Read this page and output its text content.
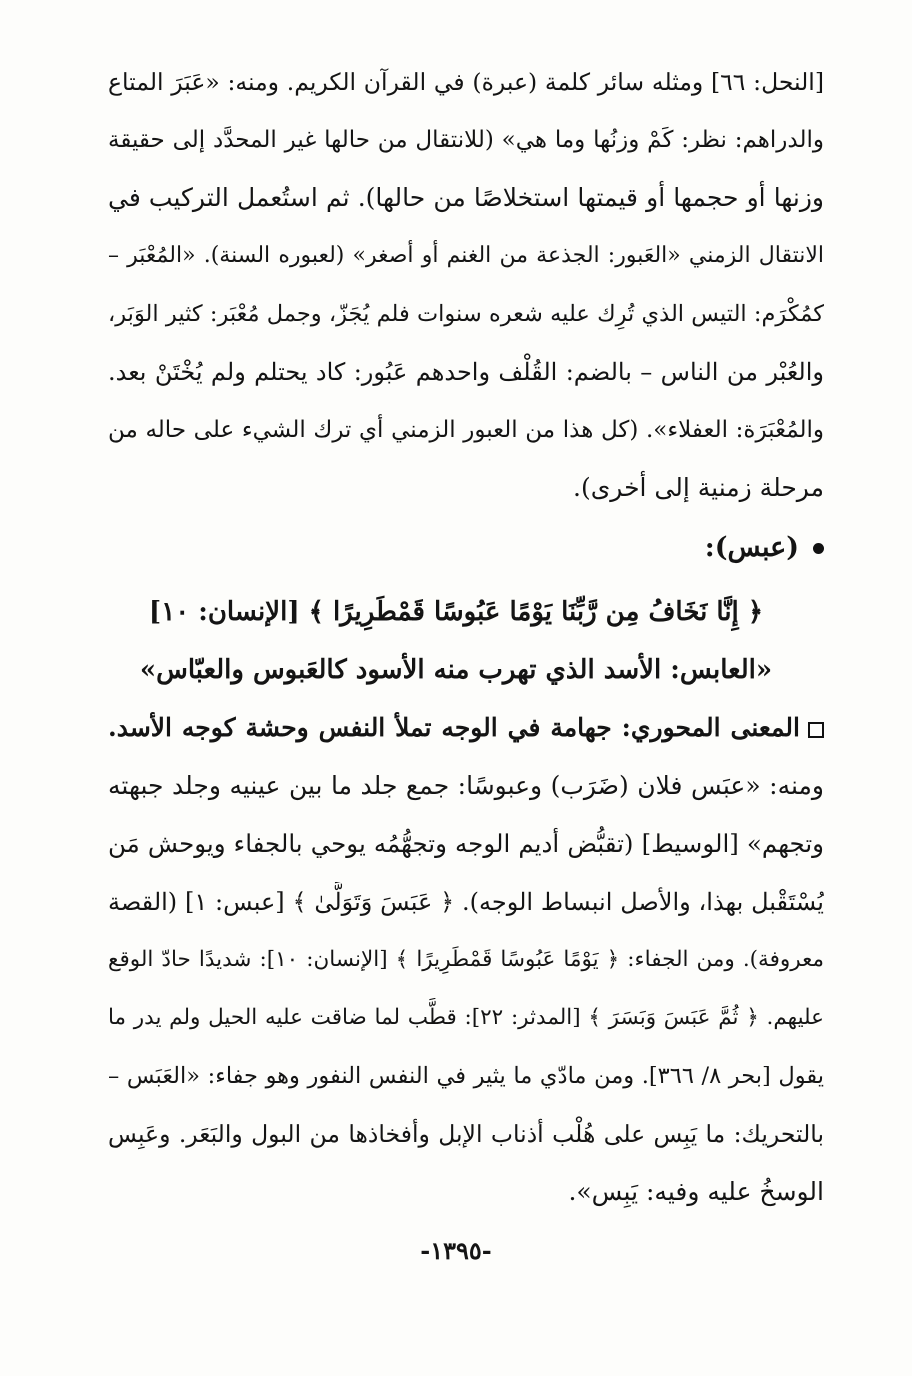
[النحل: ٦٦] ومثله سائر كلمة (عبرة) في القرآن الكريم. ومنه: «عَبَرَ المتاع
والدراهم: نظر: كَمْ وزنُها وما هي» (للانتقال من حالها غير المحدَّد إلى حقيقة
وزنها أو حجمها أو قيمتها استخلاصًا من حالها). ثم استُعمل التركيب في
الانتقال الزمني «العَبور: الجذعة من الغنم أو أصغر» (لعبوره السنة). «المُعْبَر –
كمُكْرَم: التيس الذي تُرِك عليه شعره سنوات فلم يُجَزّ، وجمل مُعْبَر: كثير الوَبَر،
والعُبْر من الناس – بالضم: القُلْف واحدهم عَبُور: كاد يحتلم ولم يُخْتَنْ بعد.
والمُعْبَرَة: العفلاء». (كل هذا من العبور الزمني أي ترك الشيء على حاله من
مرحلة زمنية إلى أخرى).
(عبس):
﴿ إِنَّا نَخَافُ مِن رَّبِّنَا يَوْمًا عَبُوسًا قَمْطَرِيرًا ﴾ [الإنسان: ١٠]
«العابس: الأسد الذي تهرب منه الأسود كالعَبوس والعبّاس»
المعنى المحوري: جهامة في الوجه تملأ النفس وحشة كوجه الأسد.
ومنه: «عبَس فلان (ضَرَب) وعبوسًا: جمع جلد ما بين عينيه وجلد جبهته
وتجهم» [الوسيط] (تقبُّض أديم الوجه وتجهُّمُه يوحي بالجفاء ويوحش مَن
يُسْتَقْبل بهذا، والأصل انبساط الوجه). ﴿ عَبَسَ وَتَوَلَّىٰ ﴾ [عبس: ١] (القصة
معروفة). ومن الجفاء: ﴿ يَوْمًا عَبُوسًا قَمْطَرِيرًا ﴾ [الإنسان: ١٠]: شديدًا حادّ الوقع
عليهم. ﴿ ثُمَّ عَبَسَ وَبَسَرَ ﴾ [المدثر: ٢٢]: قطَّب لما ضاقت عليه الحيل ولم يدر ما
يقول [بحر ٨/ ٣٦٦]. ومن مادّي ما يثير في النفس النفور وهو جفاء: «العَبَس –
بالتحريك: ما يَبِس على هُلْب أذناب الإبل وأفخاذها من البول والبَعَر. وعَبِس
الوسخُ عليه وفيه: يَبِس».
-١٣٩٥-
